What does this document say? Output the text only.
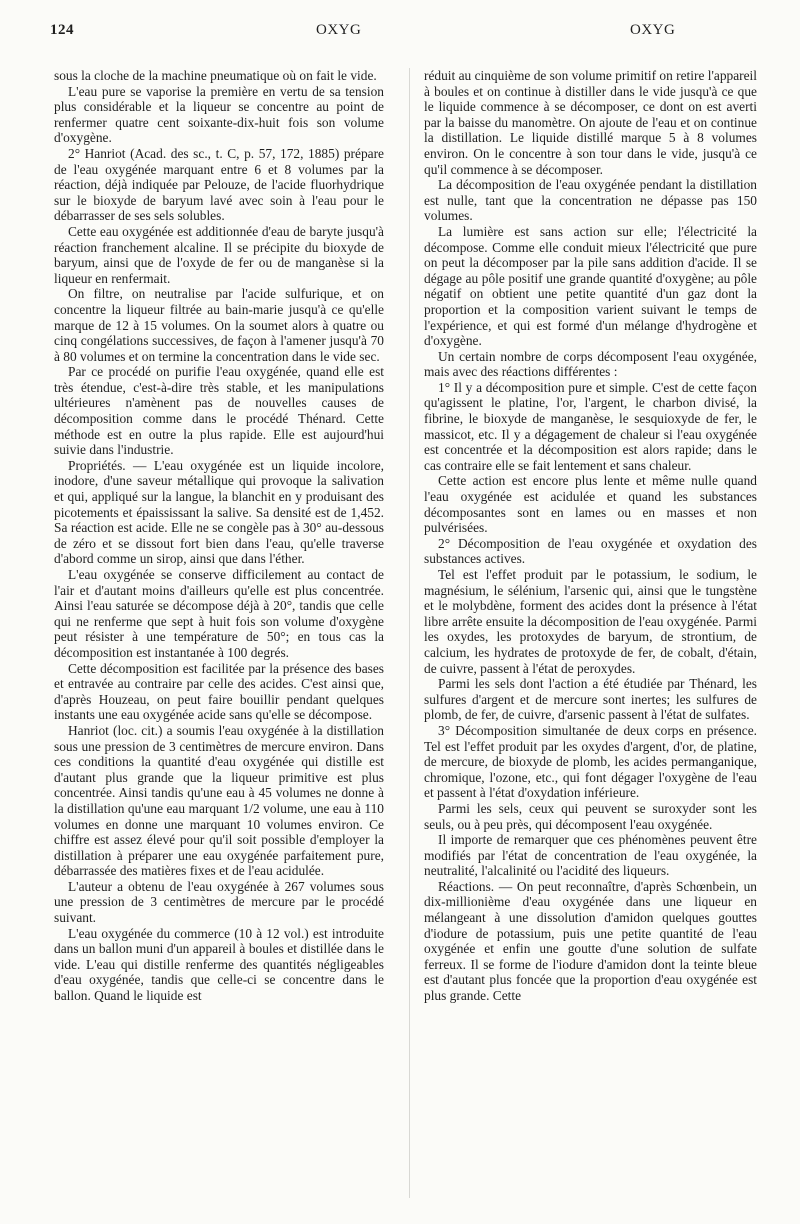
124	OXYG	OXYG

sous la cloche de la machine pneumatique où on fait le vide.

L'eau pure se vaporise la première en vertu de sa tension plus considérable et la liqueur se concentre au point de renfermer quatre cent soixante-dix-huit fois son volume d'oxygène.

2° Hanriot (Acad. des sc., t. C, p. 57, 172, 1885) prépare de l'eau oxygénée marquant entre 6 et 8 volumes par la réaction, déjà indiquée par Pelouze, de l'acide fluorhydrique sur le bioxyde de baryum lavé avec soin à l'eau pour le débarrasser de ses sels solubles.

Cette eau oxygénée est additionnée d'eau de baryte jusqu'à réaction franchement alcaline. Il se précipite du bioxyde de baryum, ainsi que de l'oxyde de fer ou de manganèse si la liqueur en renfermait.

On filtre, on neutralise par l'acide sulfurique, et on concentre la liqueur filtrée au bain-marie jusqu'à ce qu'elle marque de 12 à 15 volumes. On la soumet alors à quatre ou cinq congélations successives, de façon à l'amener jusqu'à 70 à 80 volumes et on termine la concentration dans le vide sec.

Par ce procédé on purifie l'eau oxygénée, quand elle est très étendue, c'est-à-dire très stable, et les manipulations ultérieures n'amènent pas de nouvelles causes de décomposition comme dans le procédé Thénard. Cette méthode est en outre la plus rapide. Elle est aujourd'hui suivie dans l'industrie.

Propriétés. — L'eau oxygénée est un liquide incolore, inodore, d'une saveur métallique qui provoque la salivation et qui, appliqué sur la langue, la blanchit en y produisant des picotements et épaississant la salive. Sa densité est de 1,452. Sa réaction est acide. Elle ne se congèle pas à 30° au-dessous de zéro et se dissout fort bien dans l'eau, qu'elle traverse d'abord comme un sirop, ainsi que dans l'éther.

L'eau oxygénée se conserve difficilement au contact de l'air et d'autant moins d'ailleurs qu'elle est plus concentrée. Ainsi l'eau saturée se décompose déjà à 20°, tandis que celle qui ne renferme que sept à huit fois son volume d'oxygène peut résister à une température de 50°; en tous cas la décomposition est instantanée à 100 degrés.

Cette décomposition est facilitée par la présence des bases et entravée au contraire par celle des acides. C'est ainsi que, d'après Houzeau, on peut faire bouillir pendant quelques instants une eau oxygénée acide sans qu'elle se décompose.

Hanriot (loc. cit.) a soumis l'eau oxygénée à la distillation sous une pression de 3 centimètres de mercure environ. Dans ces conditions la quantité d'eau oxygénée qui distille est d'autant plus grande que la liqueur primitive est plus concentrée. Ainsi tandis qu'une eau à 45 volumes ne donne à la distillation qu'une eau marquant 1/2 volume, une eau à 110 volumes en donne une marquant 10 volumes environ. Ce chiffre est assez élevé pour qu'il soit possible d'employer la distillation à préparer une eau oxygénée parfaitement pure, débarrassée des matières fixes et de l'eau acidulée.

L'auteur a obtenu de l'eau oxygénée à 267 volumes sous une pression de 3 centimètres de mercure par le procédé suivant.

L'eau oxygénée du commerce (10 à 12 vol.) est introduite dans un ballon muni d'un appareil à boules et distillée dans le vide. L'eau qui distille renferme des quantités négligeables d'eau oxygénée, tandis que celle-ci se concentre dans le ballon. Quand le liquide est

réduit au cinquième de son volume primitif on retire l'appareil à boules et on continue à distiller dans le vide jusqu'à ce que le liquide commence à se décomposer, ce dont on est averti par la baisse du manomètre. On ajoute de l'eau et on continue la distillation. Le liquide distillé marque 5 à 8 volumes environ. On le concentre à son tour dans le vide, jusqu'à ce qu'il commence à se décomposer.

La décomposition de l'eau oxygénée pendant la distillation est nulle, tant que la concentration ne dépasse pas 150 volumes.

La lumière est sans action sur elle; l'électricité la décompose. Comme elle conduit mieux l'électricité que pure on peut la décomposer par la pile sans addition d'acide. Il se dégage au pôle positif une grande quantité d'oxygène; au pôle négatif on obtient une petite quantité d'un gaz dont la proportion et la composition varient suivant le temps de l'expérience, et qui est formé d'un mélange d'hydrogène et d'oxygène.

Un certain nombre de corps décomposent l'eau oxygénée, mais avec des réactions différentes :

1° Il y a décomposition pure et simple. C'est de cette façon qu'agissent le platine, l'or, l'argent, le charbon divisé, la fibrine, le bioxyde de manganèse, le sesquioxyde de fer, le massicot, etc. Il y a dégagement de chaleur si l'eau oxygénée est concentrée et la décomposition est alors rapide; dans le cas contraire elle se fait lentement et sans chaleur.

Cette action est encore plus lente et même nulle quand l'eau oxygénée est acidulée et quand les substances décomposantes sont en lames ou en masses et non pulvérisées.

2° Décomposition de l'eau oxygénée et oxydation des substances actives.

Tel est l'effet produit par le potassium, le sodium, le magnésium, le sélénium, l'arsenic qui, ainsi que le tungstène et le molybdène, forment des acides dont la présence à l'état libre arrête ensuite la décomposition de l'eau oxygénée. Parmi les oxydes, les protoxydes de baryum, de strontium, de calcium, les hydrates de protoxyde de fer, de cobalt, d'étain, de cuivre, passent à l'état de peroxydes.

Parmi les sels dont l'action a été étudiée par Thénard, les sulfures d'argent et de mercure sont inertes; les sulfures de plomb, de fer, de cuivre, d'arsenic passent à l'état de sulfates.

3° Décomposition simultanée de deux corps en présence. Tel est l'effet produit par les oxydes d'argent, d'or, de platine, de mercure, de bioxyde de plomb, les acides permanganique, chromique, l'ozone, etc., qui font dégager l'oxygène de l'eau et passent à l'état d'oxydation inférieure.

Parmi les sels, ceux qui peuvent se suroxyder sont les seuls, ou à peu près, qui décomposent l'eau oxygénée.

Il importe de remarquer que ces phénomènes peuvent être modifiés par l'état de concentration de l'eau oxygénée, la neutralité, l'alcalinité ou l'acidité des liqueurs.

Réactions. — On peut reconnaître, d'après Schœnbein, un dix-millionième d'eau oxygénée dans une liqueur en mélangeant à une dissolution d'amidon quelques gouttes d'iodure de potassium, puis une petite quantité de l'eau oxygénée et enfin une goutte d'une solution de sulfate ferreux. Il se forme de l'iodure d'amidon dont la teinte bleue est d'autant plus foncée que la proportion d'eau oxygénée est plus grande. Cette
